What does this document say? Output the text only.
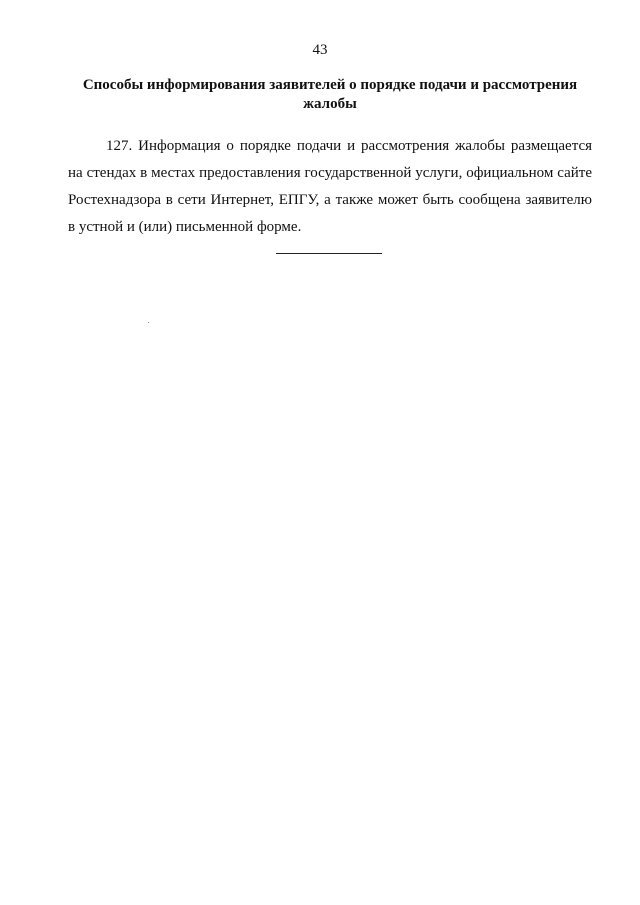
43
Способы информирования заявителей о порядке подачи и рассмотрения
жалобы

127. Информация о порядке подачи и рассмотрения жалобы размещается
на стендах в местах предоставления государственной услуги, официальном сайте
Ростехнадзора в сети Интернет, ЕПГУ, а также может быть сообщена заявителю
в устной и (или) письменной форме.
